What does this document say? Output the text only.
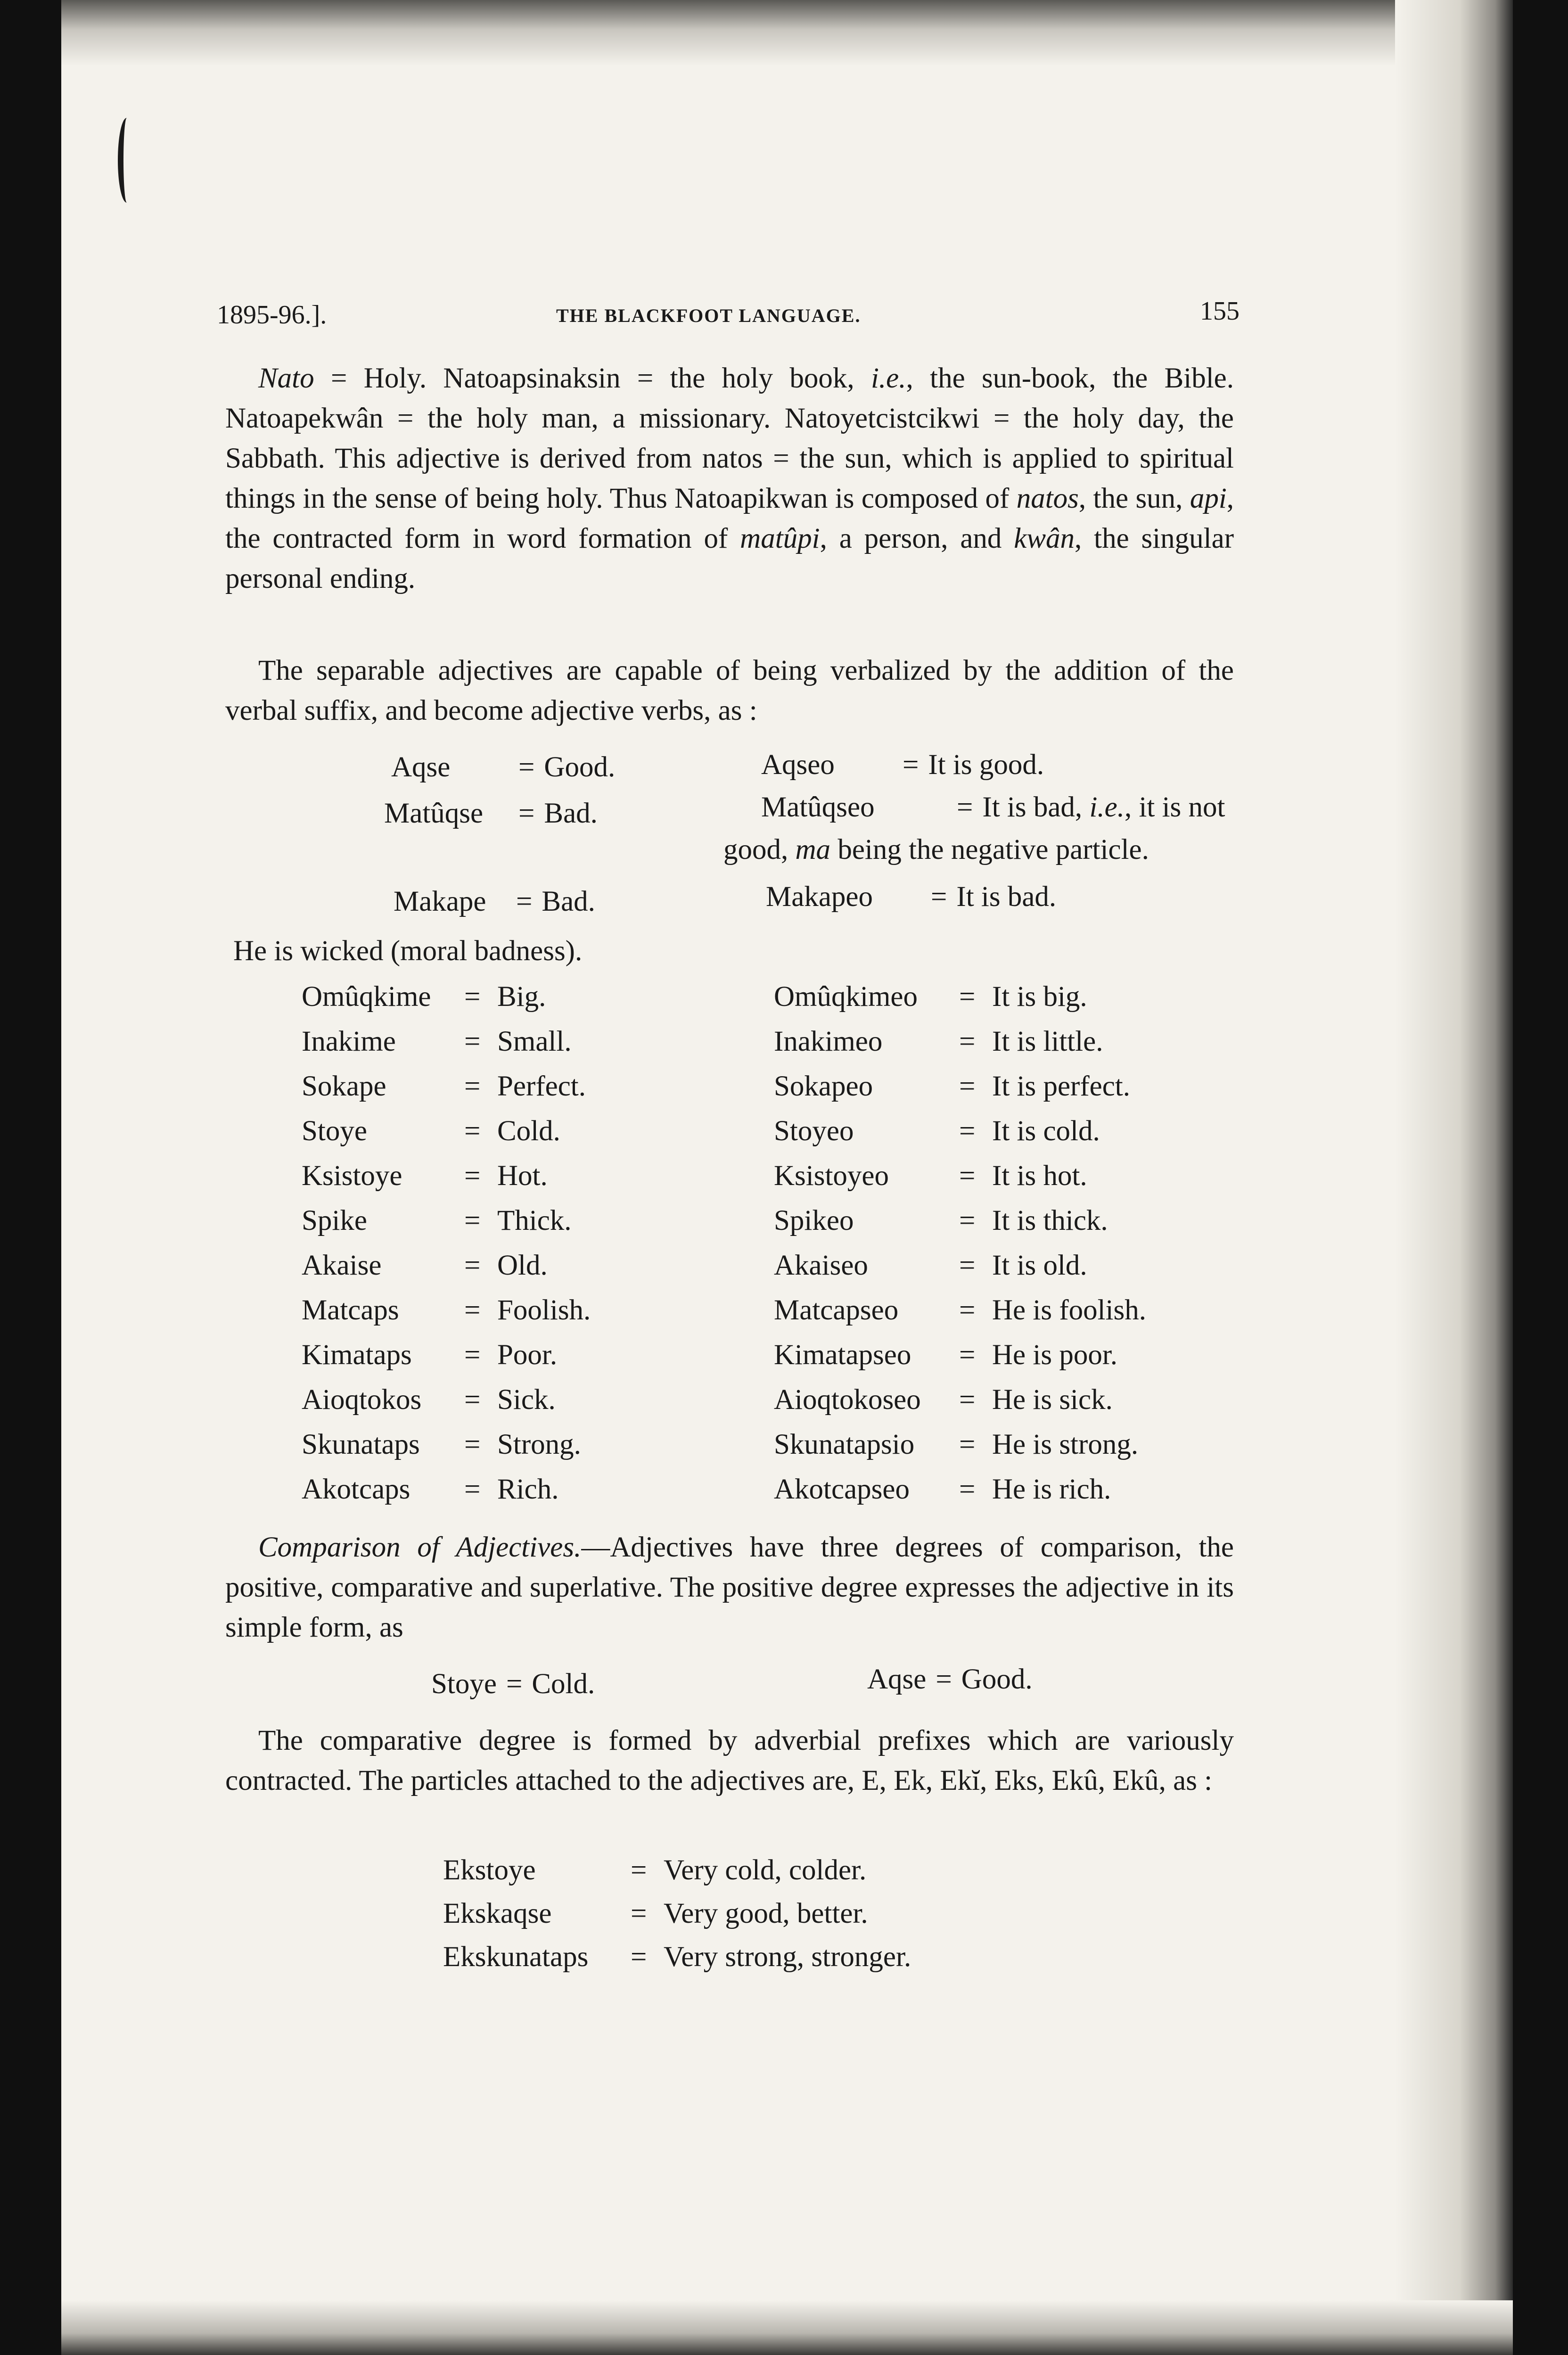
1895-96.].	THE BLACKFOOT LANGUAGE.	155
Nato = Holy. Natoapsinaksin = the holy book, i.e., the sun-book, the Bible. Natoapekwân = the holy man, a missionary. Natoyetcistcikwi = the holy day, the Sabbath. This adjective is derived from natos = the sun, which is applied to spiritual things in the sense of being holy. Thus Natoapikwan is composed of natos, the sun, api, the contracted form in word formation of matûpi, a person, and kwân, the singular personal ending.
The separable adjectives are capable of being verbalized by the addition of the verbal suffix, and become adjective verbs, as :
Aqse = Good.	Aqseo = It is good.
Matûqse = Bad.	Matûqseo	= It is bad, i.e., it is not
good, ma being the negative particle.
Makape = Bad.	Makapeo = It is bad.
He is wicked (moral badness).
Omûqkime = Big.	Omûqkimeo = It is big.
Inakime = Small.	Inakimeo	= It is little.
Sokape	= Perfect.	Sokapeo	= It is perfect.
Stoye	= Cold.	Stoyeo	= It is cold.
Ksistoye = Hot.	Ksistoyeo = It is hot.
Spike	= Thick.	Spikeo	= It is thick.
Akaise	= Old.	Akaiseo	= It is old.
Matcaps = Foolish.	Matcapseo = He is foolish.
Kimataps = Poor.	Kimatapseo = He is poor.
Aioqtokos = Sick.	Aioqtokoseo = He is sick.
Skunataps = Strong.	Skunatapsio = He is strong.
Akotcaps = Rich.	Akotcapseo = He is rich.
Comparison of Adjectives.—Adjectives have three degrees of comparison, the positive, comparative and superlative. The positive degree expresses the adjective in its simple form, as
Stoye = Cold.	Aqse = Good.
The comparative degree is formed by adverbial prefixes which are variously contracted. The particles attached to the adjectives are, E, Ek, Ekĭ, Eks, Ekû, Ekû, as :
Ekstoye	= Very cold, colder.
Ekskaqse	= Very good, better.
Ekskunataps = Very strong, stronger.
